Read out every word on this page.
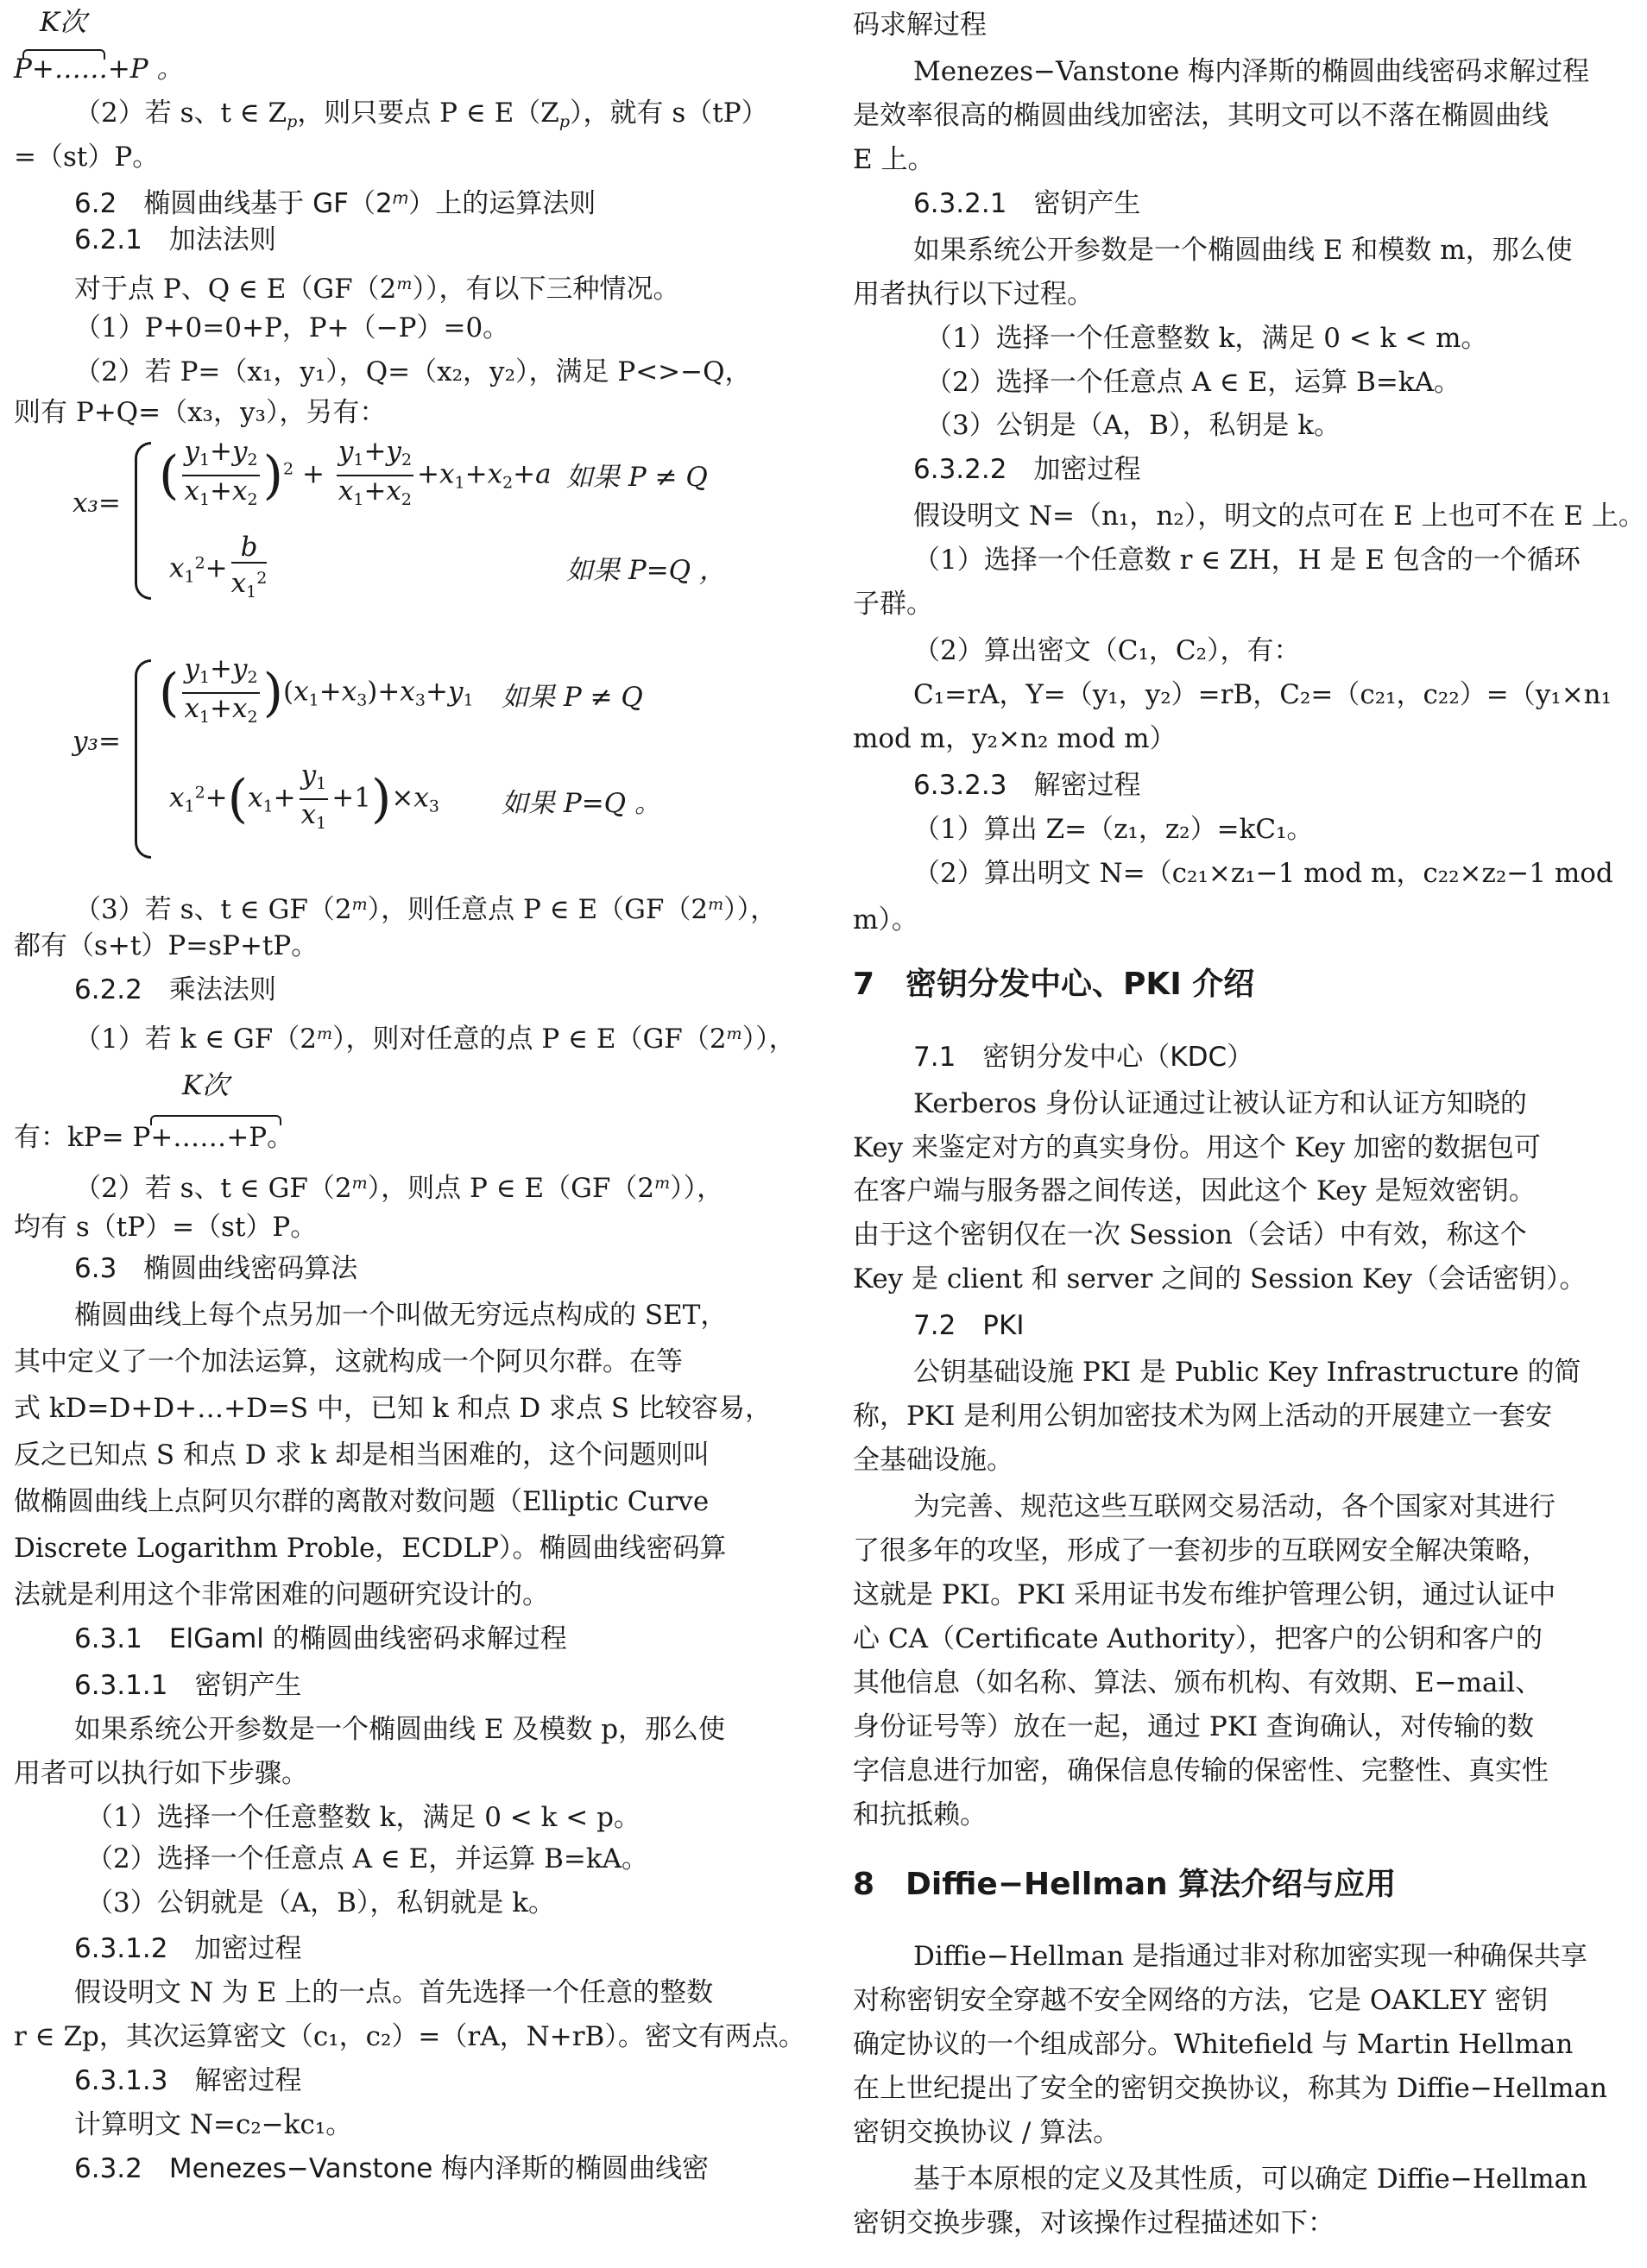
K次
P+……+P 。
（2）若 s、t ∈ $Z_p$，则只要点 P ∈ $E(Z_p)$，就有 s（tP）
=（st）P。
6.2　椭圆曲线基于 GF（2$^m$）上的运算法则
6.2.1　加法法则
对于点 P、Q ∈ E（GF（2$^m$）），有以下三种情况。
（1）P+0=0+P，P+（−P）=0。
（2）若 P=（x₁，y₁），Q=（x₂，y₂），满足 P<>−Q，
则有 P+Q=（x₃，y₃），另有：
x₃= ( $\frac{y_1+y_2}{x_1+x_2} )^2 + \frac{y_1+y_2}{x_1+x_2} +x_1+x_2+a$ 如果 P ≠ Q
$x_1^2+ \frac{b}{x_1^2}$	如果 P=Q ，
y₃=
( $\frac{y_1+y_2}{x_1+x_2} )(x_1+x_3)+x_3+y_1$ 如果 P ≠ Q
$x_1^2+(x_1+ \frac{y_1}{x_1} +1)\times x_3$ 如果 P=Q 。
（3）若 s、t ∈ GF（2$^m$），则任意点 P ∈ E（GF（2$^m$）），
都有（s+t）P=sP+tP。
6.2.2　乘法法则
（1）若 k ∈ GF（2$^m$），则对任意的点 P ∈ E（GF（2$^m$）），
K次
有：kP= P+……+P。
（2）若 s、t ∈ GF（2$^m$），则点 P ∈ E（GF（2$^m$）），
均有 s（tP）=（st）P。
6.3　椭圆曲线密码算法
椭圆曲线上每个点另加一个叫做无穷远点构成的 SET，
其中定义了一个加法运算，这就构成一个阿贝尔群。在等
式 kD=D+D+…+D=S 中，已知 k 和点 D 求点 S 比较容易，
反之已知点 S 和点 D 求 k 却是相当困难的，这个问题则叫
做椭圆曲线上点阿贝尔群的离散对数问题（Elliptic Curve
Discrete Logarithm Proble，ECDLP）。椭圆曲线密码算
法就是利用这个非常困难的问题研究设计的。
6.3.1　ElGaml 的椭圆曲线密码求解过程
6.3.1.1　密钥产生
如果系统公开参数是一个椭圆曲线 E 及模数 p，那么使
用者可以执行如下步骤。
（1）选择一个任意整数 k，满足 0 < k < p。
（2）选择一个任意点 A ∈ E，并运算 B=kA。
（3）公钥就是（A，B），私钥就是 k。
6.3.1.2　加密过程
假设明文 N 为 E 上的一点。首先选择一个任意的整数
r ∈ Zp，其次运算密文（c₁，c₂）=（rA，N+rB）。密文有两点。
6.3.1.3　解密过程
计算明文 N=c₂−kc₁。
6.3.2　Menezes−Vanstone 梅内泽斯的椭圆曲线密
码求解过程
Menezes−Vanstone 梅内泽斯的椭圆曲线密码求解过程
是效率很高的椭圆曲线加密法，其明文可以不落在椭圆曲线
E 上。
6.3.2.1　密钥产生
如果系统公开参数是一个椭圆曲线 E 和模数 m，那么使
用者执行以下过程。
（1）选择一个任意整数 k，满足 0 < k < m。
（2）选择一个任意点 A ∈ E，运算 B=kA。
（3）公钥是（A，B），私钥是 k。
6.3.2.2　加密过程
假设明文 N=（n₁，n₂），明文的点可在 E 上也可不在 E 上。
（1）选择一个任意数 r ∈ ZH，H 是 E 包含的一个循环
子群。
（2）算出密文（C₁，C₂），有：
C₁=rA，Y=（y₁，y₂）=rB，C₂=（c₂₁，c₂₂）=（y₁×n₁
mod m，y₂×n₂ mod m）
6.3.2.3　解密过程
（1）算出 Z=（z₁，z₂）=kC₁。
（2）算出明文 N=（c₂₁×z₁−1 mod m，c₂₂×z₂−1 mod
m）。
7　密钥分发中心、PKI 介绍
7.1　密钥分发中心（KDC）
Kerberos 身份认证通过让被认证方和认证方知晓的
Key 来鉴定对方的真实身份。用这个 Key 加密的数据包可
在客户端与服务器之间传送，因此这个 Key 是短效密钥。
由于这个密钥仅在一次 Session（会话）中有效，称这个
Key 是 client 和 server 之间的 Session Key（会话密钥）。
7.2　PKI
公钥基础设施 PKI 是 Public Key Infrastructure 的简
称，PKI 是利用公钥加密技术为网上活动的开展建立一套安
全基础设施。
为完善、规范这些互联网交易活动，各个国家对其进行
了很多年的攻坚，形成了一套初步的互联网安全解决策略，
这就是 PKI。PKI 采用证书发布维护管理公钥，通过认证中
心 CA（Certificate Authority），把客户的公钥和客户的
其他信息（如名称、算法、颁布机构、有效期、E−mail、
身份证号等）放在一起，通过 PKI 查询确认，对传输的数
字信息进行加密，确保信息传输的保密性、完整性、真实性
和抗抵赖。
8　Diffie−Hellman 算法介绍与应用
Diffie−Hellman 是指通过非对称加密实现一种确保共享
对称密钥安全穿越不安全网络的方法，它是 OAKLEY 密钥
确定协议的一个组成部分。Whitefield 与 Martin Hellman
在上世纪提出了安全的密钥交换协议，称其为 Diffie−Hellman
密钥交换协议 / 算法。
基于本原根的定义及其性质，可以确定 Diffie−Hellman
密钥交换步骤，对该操作过程描述如下：
